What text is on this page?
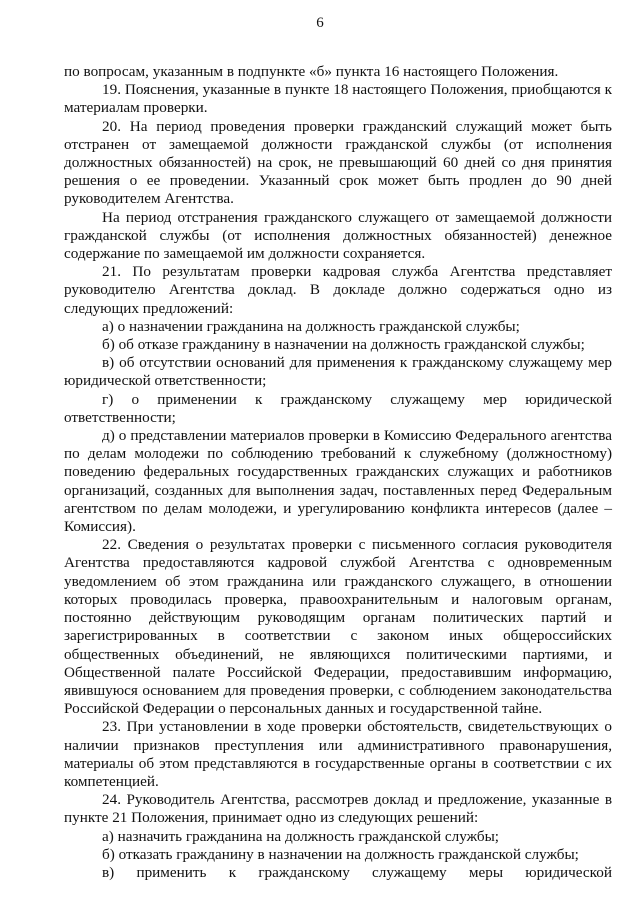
6

по вопросам, указанным в подпункте «б» пункта 16 настоящего Положения.

19. Пояснения, указанные в пункте 18 настоящего Положения, приобщаются к материалам проверки.

20. На период проведения проверки гражданский служащий может быть отстранен от замещаемой должности гражданской службы (от исполнения должностных обязанностей) на срок, не превышающий 60 дней со дня принятия решения о ее проведении. Указанный срок может быть продлен до 90 дней руководителем Агентства.

На период отстранения гражданского служащего от замещаемой должности гражданской службы (от исполнения должностных обязанностей) денежное содержание по замещаемой им должности сохраняется.

21. По результатам проверки кадровая служба Агентства представляет руководителю Агентства доклад. В докладе должно содержаться одно из следующих предложений:

а) о назначении гражданина на должность гражданской службы;

б) об отказе гражданину в назначении на должность гражданской службы;

в) об отсутствии оснований для применения к гражданскому служащему мер юридической ответственности;

г) о применении к гражданскому служащему мер юридической ответственности;

д) о представлении материалов проверки в Комиссию Федерального агентства по делам молодежи по соблюдению требований к служебному (должностному) поведению федеральных государственных гражданских служащих и работников организаций, созданных для выполнения задач, поставленных перед Федеральным агентством по делам молодежи, и урегулированию конфликта интересов (далее – Комиссия).

22. Сведения о результатах проверки с письменного согласия руководителя Агентства предоставляются кадровой службой Агентства с одновременным уведомлением об этом гражданина или гражданского служащего, в отношении которых проводилась проверка, правоохранительным и налоговым органам, постоянно действующим руководящим органам политических партий и зарегистрированных в соответствии с законом иных общероссийских общественных объединений, не являющихся политическими партиями, и Общественной палате Российской Федерации, предоставившим информацию, явившуюся основанием для проведения проверки, с соблюдением законодательства Российской Федерации о персональных данных и государственной тайне.

23. При установлении в ходе проверки обстоятельств, свидетельствующих о наличии признаков преступления или административного правонарушения, материалы об этом представляются в государственные органы в соответствии с их компетенцией.

24. Руководитель Агентства, рассмотрев доклад и предложение, указанные в пункте 21 Положения, принимает одно из следующих решений:

а) назначить гражданина на должность гражданской службы;

б) отказать гражданину в назначении на должность гражданской службы;

в) применить к гражданскому служащему меры юридической
